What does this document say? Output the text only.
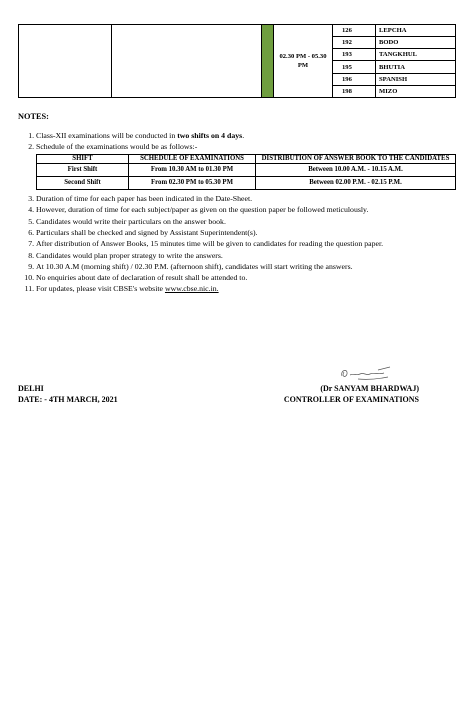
			02.30 PM - 05.30 PM	126	LEPCHA
				192	BODO
				193	TANGKHUL
				195	BHUTIA
				196	SPANISH
				198	MIZO
NOTES:
1. Class-XII examinations will be conducted in two shifts on 4 days.
2. Schedule of the examinations would be as follows:-
SHIFT	SCHEDULE OF EXAMINATIONS	DISTRIBUTION OF ANSWER BOOK TO THE CANDIDATES
First Shift	From 10.30 AM to 01.30 PM	Between 10.00 A.M. - 10.15 A.M.
Second Shift	From 02.30 PM to 05.30 PM	Between 02.00 P.M. - 02.15 P.M.
3. Duration of time for each paper has been indicated in the Date-Sheet.
4. However, duration of time for each subject/paper as given on the question paper be followed meticulously.
5. Candidates would write their particulars on the answer book.
6. Particulars shall be checked and signed by Assistant Superintendent(s).
7. After distribution of Answer Books, 15 minutes time will be given to candidates for reading the question paper.
8. Candidates would plan proper strategy to write the answers.
9. At 10.30 A.M (morning shift) / 02.30 P.M. (afternoon shift), candidates will start writing the answers.
10. No enquiries about date of declaration of result shall be attended to.
11. For updates, please visit CBSE's website www.cbse.nic.in.
DELHI
DATE: - 4TH MARCH, 2021
(Dr SANYAM BHARDWAJ)
CONTROLLER OF EXAMINATIONS
